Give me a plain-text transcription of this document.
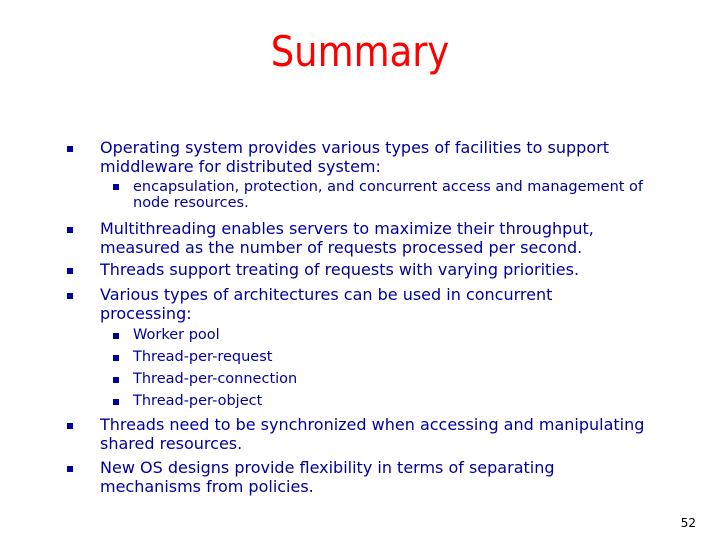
Summary
Operating system provides various types of facilities to support
middleware for distributed system:
encapsulation, protection, and concurrent access and management of
node resources.
Multithreading enables servers to maximize their throughput,
measured as the number of requests processed per second.
Threads support treating of requests with varying priorities.
Various types of architectures can be used in concurrent
processing:
Worker pool
Thread-per-request
Thread-per-connection
Thread-per-object
Threads need to be synchronized when accessing and manipulating
shared resources.
New OS designs provide flexibility in terms of separating
mechanisms from policies.
52
